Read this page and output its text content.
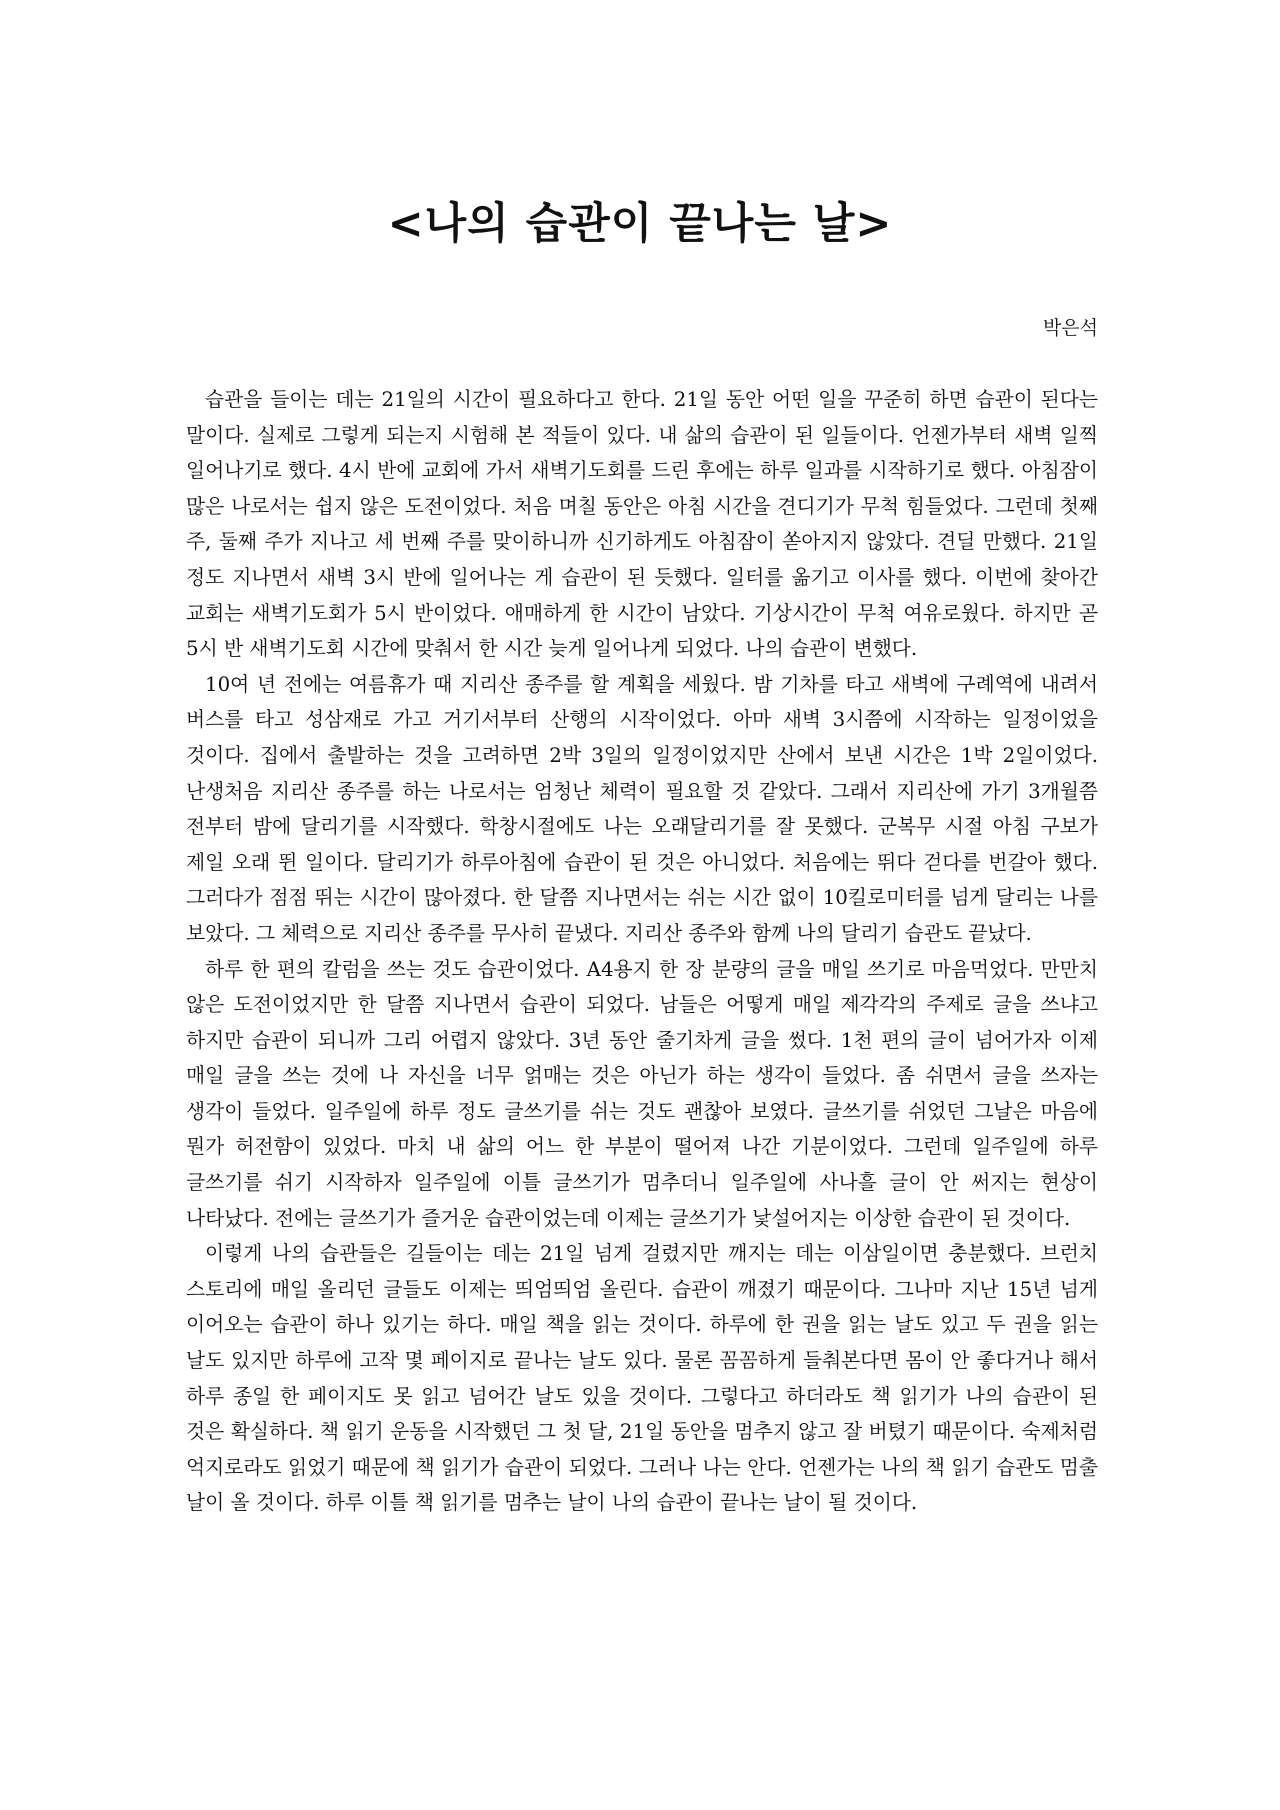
<나의 습관이 끝나는 날>
박은석

습관을 들이는 데는 21일의 시간이 필요하다고 한다. 21일 동안 어떤 일을 꾸준히 하면 습관이 된다는 말이다. 실제로 그렇게 되는지 시험해 본 적들이 있다. 내 삶의 습관이 된 일들이다. 언젠가부터 새벽 일찍 일어나기로 했다. 4시 반에 교회에 가서 새벽기도회를 드린 후에는 하루 일과를 시작하기로 했다. 아침잠이 많은 나로서는 쉽지 않은 도전이었다. 처음 며칠 동안은 아침 시간을 견디기가 무척 힘들었다. 그런데 첫째 주, 둘째 주가 지나고 세 번째 주를 맞이하니까 신기하게도 아침잠이 쏟아지지 않았다. 견딜 만했다. 21일 정도 지나면서 새벽 3시 반에 일어나는 게 습관이 된 듯했다. 일터를 옮기고 이사를 했다. 이번에 찾아간 교회는 새벽기도회가 5시 반이었다. 애매하게 한 시간이 남았다. 기상시간이 무척 여유로웠다. 하지만 곧 5시 반 새벽기도회 시간에 맞춰서 한 시간 늦게 일어나게 되었다. 나의 습관이 변했다.

10여 년 전에는 여름휴가 때 지리산 종주를 할 계획을 세웠다. 밤 기차를 타고 새벽에 구례역에 내려서 버스를 타고 성삼재로 가고 거기서부터 산행의 시작이었다. 아마 새벽 3시쯤에 시작하는 일정이었을 것이다. 집에서 출발하는 것을 고려하면 2박 3일의 일정이었지만 산에서 보낸 시간은 1박 2일이었다. 난생처음 지리산 종주를 하는 나로서는 엄청난 체력이 필요할 것 같았다. 그래서 지리산에 가기 3개월쯤 전부터 밤에 달리기를 시작했다. 학창시절에도 나는 오래달리기를 잘 못했다. 군복무 시절 아침 구보가 제일 오래 뛴 일이다. 달리기가 하루아침에 습관이 된 것은 아니었다. 처음에는 뛰다 걷다를 번갈아 했다. 그러다가 점점 뛰는 시간이 많아졌다. 한 달쯤 지나면서는 쉬는 시간 없이 10킬로미터를 넘게 달리는 나를 보았다. 그 체력으로 지리산 종주를 무사히 끝냈다. 지리산 종주와 함께 나의 달리기 습관도 끝났다.

하루 한 편의 칼럼을 쓰는 것도 습관이었다. A4용지 한 장 분량의 글을 매일 쓰기로 마음먹었다. 만만치 않은 도전이었지만 한 달쯤 지나면서 습관이 되었다. 남들은 어떻게 매일 제각각의 주제로 글을 쓰냐고 하지만 습관이 되니까 그리 어렵지 않았다. 3년 동안 줄기차게 글을 썼다. 1천 편의 글이 넘어가자 이제 매일 글을 쓰는 것에 나 자신을 너무 얽매는 것은 아닌가 하는 생각이 들었다. 좀 쉬면서 글을 쓰자는 생각이 들었다. 일주일에 하루 정도 글쓰기를 쉬는 것도 괜찮아 보였다. 글쓰기를 쉬었던 그날은 마음에 뭔가 허전함이 있었다. 마치 내 삶의 어느 한 부분이 떨어져 나간 기분이었다. 그런데 일주일에 하루 글쓰기를 쉬기 시작하자 일주일에 이틀 글쓰기가 멈추더니 일주일에 사나흘 글이 안 써지는 현상이 나타났다. 전에는 글쓰기가 즐거운 습관이었는데 이제는 글쓰기가 낯설어지는 이상한 습관이 된 것이다.

이렇게 나의 습관들은 길들이는 데는 21일 넘게 걸렸지만 깨지는 데는 이삼일이면 충분했다. 브런치 스토리에 매일 올리던 글들도 이제는 띄엄띄엄 올린다. 습관이 깨졌기 때문이다. 그나마 지난 15년 넘게 이어오는 습관이 하나 있기는 하다. 매일 책을 읽는 것이다. 하루에 한 권을 읽는 날도 있고 두 권을 읽는 날도 있지만 하루에 고작 몇 페이지로 끝나는 날도 있다. 물론 꼼꼼하게 들춰본다면 몸이 안 좋다거나 해서 하루 종일 한 페이지도 못 읽고 넘어간 날도 있을 것이다. 그렇다고 하더라도 책 읽기가 나의 습관이 된 것은 확실하다. 책 읽기 운동을 시작했던 그 첫 달, 21일 동안을 멈추지 않고 잘 버텼기 때문이다. 숙제처럼 억지로라도 읽었기 때문에 책 읽기가 습관이 되었다. 그러나 나는 안다. 언젠가는 나의 책 읽기 습관도 멈출 날이 올 것이다. 하루 이틀 책 읽기를 멈추는 날이 나의 습관이 끝나는 날이 될 것이다.
